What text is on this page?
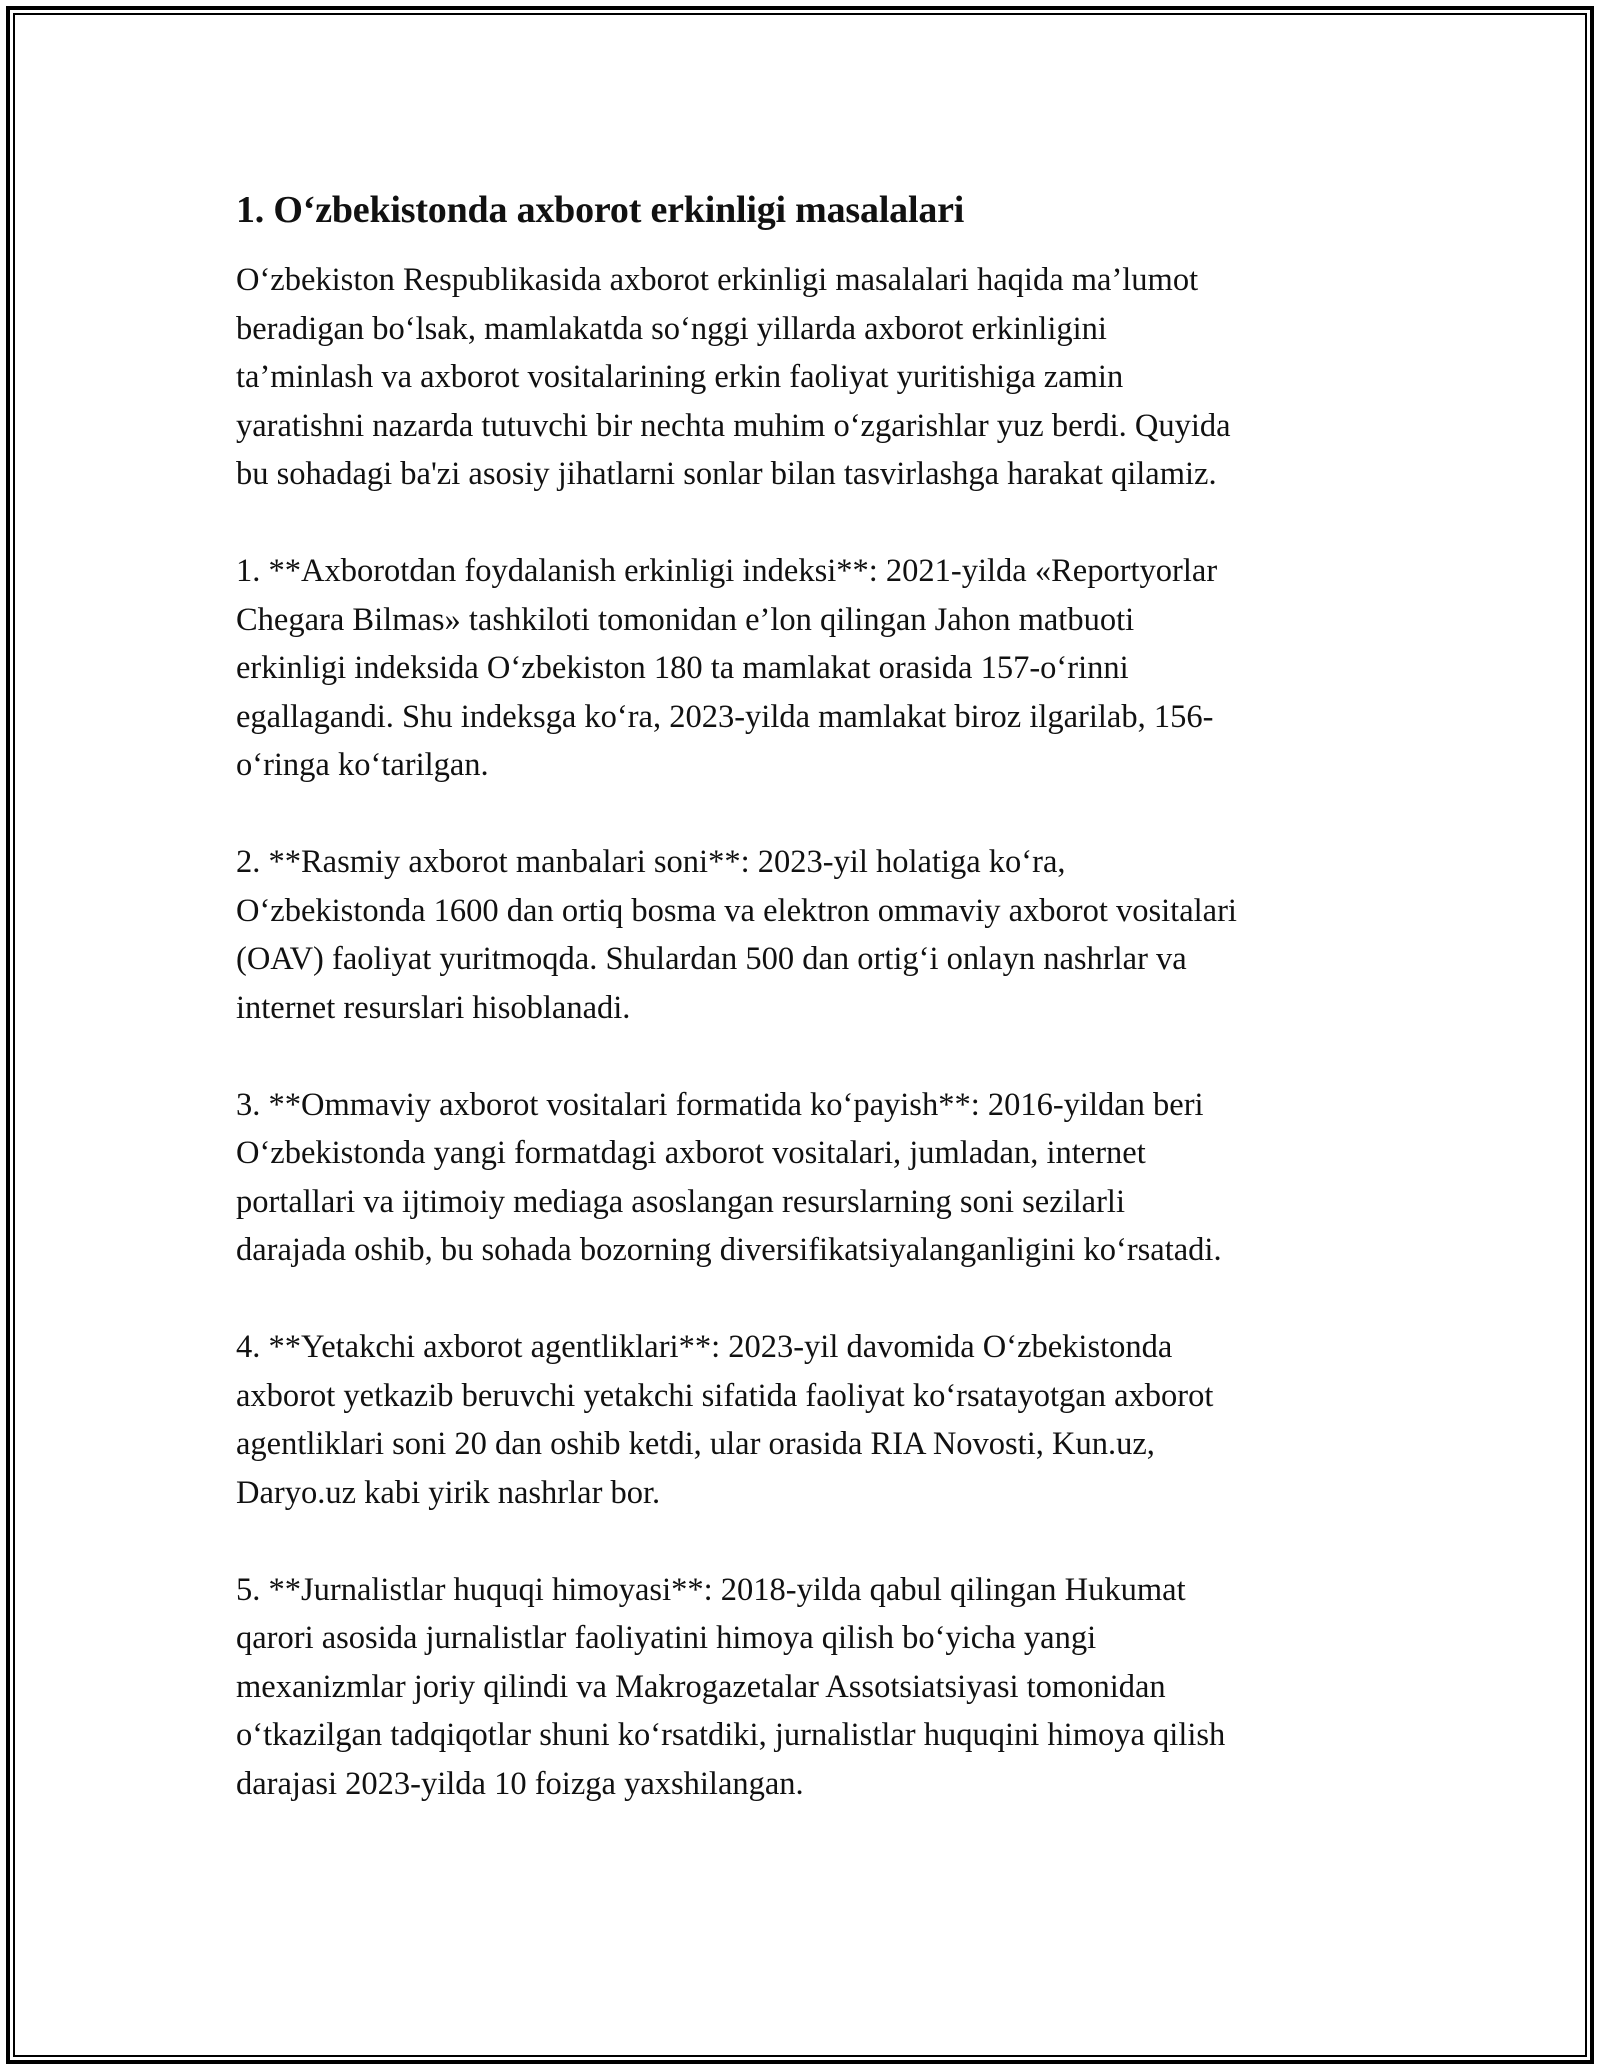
1. O‘zbekistonda axborot erkinligi masalalari

O‘zbekiston Respublikasida axborot erkinligi masalalari haqida ma’lumot
beradigan bo‘lsak, mamlakatda so‘nggi yillarda axborot erkinligini
ta’minlash va axborot vositalarining erkin faoliyat yuritishiga zamin
yaratishni nazarda tutuvchi bir nechta muhim o‘zgarishlar yuz berdi. Quyida
bu sohadagi ba'zi asosiy jihatlarni sonlar bilan tasvirlashga harakat qilamiz.

1. **Axborotdan foydalanish erkinligi indeksi**: 2021-yilda «Reportyorlar
Chegara Bilmas» tashkiloti tomonidan e’lon qilingan Jahon matbuoti
erkinligi indeksida O‘zbekiston 180 ta mamlakat orasida 157-o‘rinni
egallagandi. Shu indeksga ko‘ra, 2023-yilda mamlakat biroz ilgarilab, 156-
o‘ringa ko‘tarilgan.

2. **Rasmiy axborot manbalari soni**: 2023-yil holatiga ko‘ra,
O‘zbekistonda 1600 dan ortiq bosma va elektron ommaviy axborot vositalari
(OAV) faoliyat yuritmoqda. Shulardan 500 dan ortig‘i onlayn nashrlar va
internet resurslari hisoblanadi.

3. **Ommaviy axborot vositalari formatida ko‘payish**: 2016-yildan beri
O‘zbekistonda yangi formatdagi axborot vositalari, jumladan, internet
portallari va ijtimoiy mediaga asoslangan resurslarning soni sezilarli
darajada oshib, bu sohada bozorning diversifikatsiyalanganligini ko‘rsatadi.

4. **Yetakchi axborot agentliklari**: 2023-yil davomida O‘zbekistonda
axborot yetkazib beruvchi yetakchi sifatida faoliyat ko‘rsatayotgan axborot
agentliklari soni 20 dan oshib ketdi, ular orasida RIA Novosti, Kun.uz,
Daryo.uz kabi yirik nashrlar bor.

5. **Jurnalistlar huquqi himoyasi**: 2018-yilda qabul qilingan Hukumat
qarori asosida jurnalistlar faoliyatini himoya qilish bo‘yicha yangi
mexanizmlar joriy qilindi va Makrogazetalar Assotsiatsiyasi tomonidan
o‘tkazilgan tadqiqotlar shuni ko‘rsatdiki, jurnalistlar huquqini himoya qilish
darajasi 2023-yilda 10 foizga yaxshilangan.
